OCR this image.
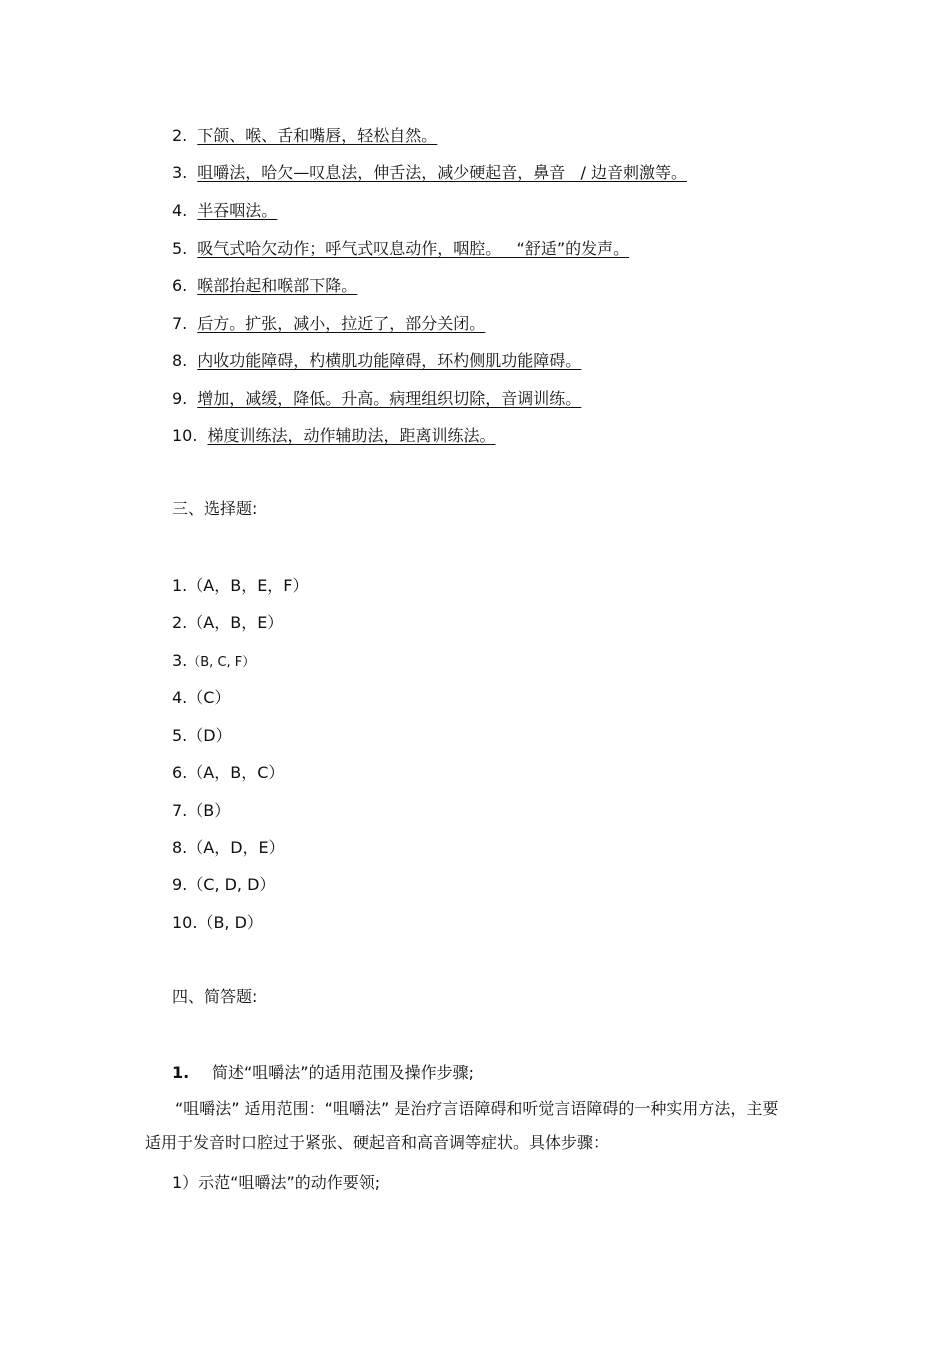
2. 下颌、喉、舌和嘴唇，轻松自然。
3. 咀嚼法，哈欠—叹息法，伸舌法，减少硬起音，鼻音   / 边音刺激等。
4. 半吞咽法。
5. 吸气式哈欠动作；呼气式叹息动作，咽腔。   “舒适”的发声。
6. 喉部抬起和喉部下降。
7. 后方。扩张，减小，拉近了，部分关闭。
8. 内收功能障碍，杓横肌功能障碍，环杓侧肌功能障碍。
9. 增加，减缓，降低。升高。病理组织切除，音调训练。
10. 梯度训练法，动作辅助法，距离训练法。
三、选择题:
1.（A，B，E，F）
2.（A，B，E）
3.（B, C, F）
4.（C）
5.（D）
6.（A，B，C）
7.（B）
8.（A，D，E）
9.（C, D, D）
10.（B, D）
四、简答题:
1. 简述“咀嚼法”的适用范围及操作步骤;
“咀嚼法” 适用范围：“咀嚼法” 是治疗言语障碍和听觉言语障碍的一种实用方法，主要适用于发音时口腔过于紧张、硬起音和高音调等症状。具体步骤：
1）示范“咀嚼法”的动作要领;
